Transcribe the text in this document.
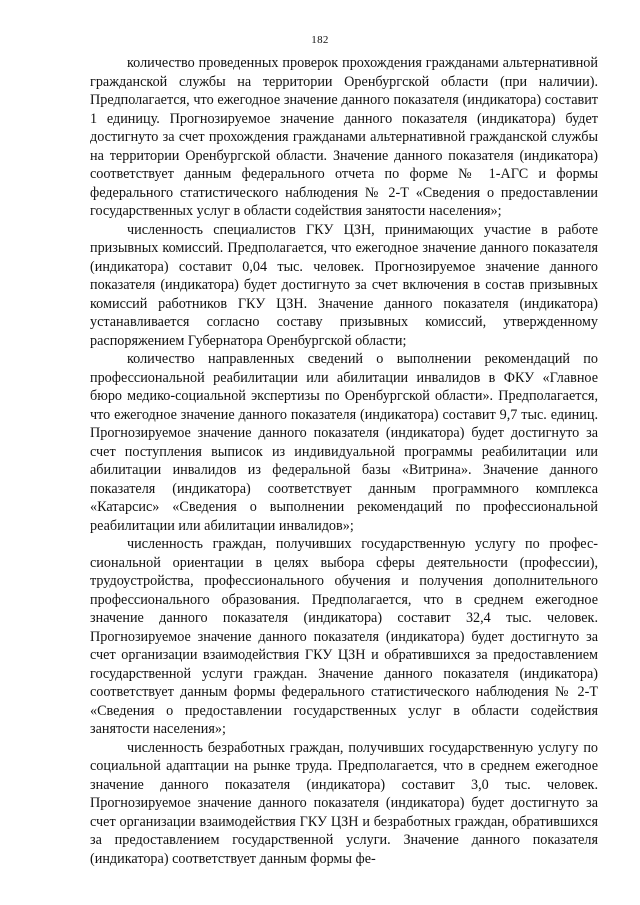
182

количество проведенных проверок прохождения гражданами альтернативной гражданской службы на территории Оренбургской области (при наличии). Предполагается, что ежегодное значение данного показателя (индикатора) составит 1 единицу. Прогнозируемое значение данного показателя (индикатора) будет достигнуто за счет прохождения гражданами альтернативной гражданской службы на территории Оренбургской области. Значение данного показателя (индикатора) соответствует данным федерального отчета по форме № 1-АГС и формы федерального статистического наблюдения № 2-Т «Сведения о предоставлении государственных услуг в области содействия занятости населения»;

численность специалистов ГКУ ЦЗН, принимающих участие в работе призывных комиссий. Предполагается, что ежегодное значение данного показателя (индикатора) составит 0,04 тыс. человек. Прогнозируемое значение данного показателя (индикатора) будет достигнуто за счет включения в состав призывных комиссий работников ГКУ ЦЗН. Значение данного показателя (индикатора) устанавливается согласно составу призывных комиссий, утвержденному распоряжением Губернатора Оренбургской области;

количество направленных сведений о выполнении рекомендаций по профессиональной реабилитации или абилитации инвалидов в ФКУ «Главное бюро медико-социальной экспертизы по Оренбургской области». Предполагается, что ежегодное значение данного показателя (индикатора) составит 9,7 тыс. единиц. Прогнозируемое значение данного показателя (индикатора) будет достигнуто за счет поступления выписок из индивидуальной программы реабилитации или абилитации инвалидов из федеральной базы «Витрина». Значение данного показателя (индикатора) соответствует данным программного комплекса «Катарсис» «Сведения о выполнении рекомендаций по профессиональной реабилитации или абилитации инвалидов»;

численность граждан, получивших государственную услугу по профессиональной ориентации в целях выбора сферы деятельности (профессии), трудоустройства, профессионального обучения и получения дополнительного профессионального образования. Предполагается, что в среднем ежегодное значение данного показателя (индикатора) составит 32,4 тыс. человек. Прогнозируемое значение данного показателя (индикатора) будет достигнуто за счет организации взаимодействия ГКУ ЦЗН и обратившихся за предоставлением государственной услуги граждан. Значение данного показателя (индикатора) соответствует данным формы федерального статистического наблюдения № 2-Т «Сведения о предоставлении государственных услуг в области содействия занятости населения»;

численность безработных граждан, получивших государственную услугу по социальной адаптации на рынке труда. Предполагается, что в среднем ежегодное значение данного показателя (индикатора) составит 3,0 тыс. человек. Прогнозируемое значение данного показателя (индикатора) будет достигнуто за счет организации взаимодействия ГКУ ЦЗН и безработных граждан, обратившихся за предоставлением государственной услуги. Значение данного показателя (индикатора) соответствует данным формы фе-
